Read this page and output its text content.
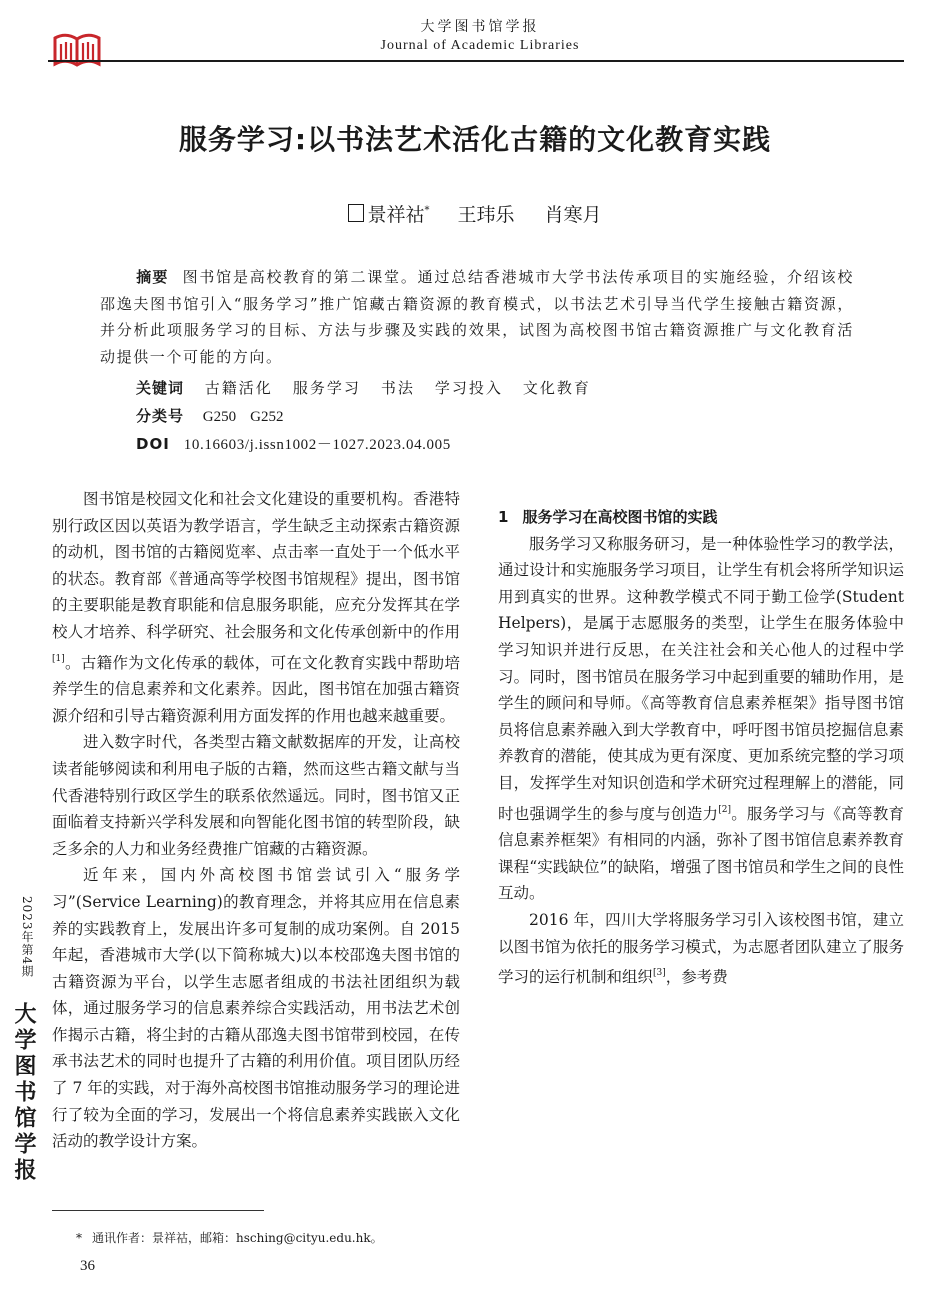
大学图书馆学报
Journal of Academic Libraries
服务学习:以书法艺术活化古籍的文化教育实践
景祥祜* 王玮乐 肖寒月
摘要 图书馆是高校教育的第二课堂。通过总结香港城市大学书法传承项目的实施经验，介绍该校邵逸夫图书馆引入“服务学习”推广馆藏古籍资源的教育模式，以书法艺术引导当代学生接触古籍资源，并分析此项服务学习的目标、方法与步骤及实践的效果，试图为高校图书馆古籍资源推广与文化教育活动提供一个可能的方向。
关键词 古籍活化 服务学习 书法 学习投入 文化教育
分类号 G250 G252
DOI 10.16603/j.issn1002－1027.2023.04.005

图书馆是校园文化和社会文化建设的重要机构。香港特别行政区因以英语为教学语言，学生缺乏主动探索古籍资源的动机，图书馆的古籍阅览率、点击率一直处于一个低水平的状态。教育部《普通高等学校图书馆规程》提出，图书馆的主要职能是教育职能和信息服务职能，应充分发挥其在学校人才培养、科学研究、社会服务和文化传承创新中的作用[1]。古籍作为文化传承的载体，可在文化教育实践中帮助培养学生的信息素养和文化素养。因此，图书馆在加强古籍资源介绍和引导古籍资源利用方面发挥的作用也越来越重要。

进入数字时代，各类型古籍文献数据库的开发，让高校读者能够阅读和利用电子版的古籍，然而这些古籍文献与当代香港特别行政区学生的联系依然遥远。同时，图书馆又正面临着支持新兴学科发展和向智能化图书馆的转型阶段，缺乏多余的人力和业务经费推广馆藏的古籍资源。

近年来，国内外高校图书馆尝试引入“服务学习”(Service Learning)的教育理念，并将其应用在信息素养的实践教育上，发展出许多可复制的成功案例。自 2015 年起，香港城市大学(以下简称城大)以本校邵逸夫图书馆的古籍资源为平台，以学生志愿者组成的书法社团组织为载体，通过服务学习的信息素养综合实践活动，用书法艺术创作揭示古籍，将尘封的古籍从邵逸夫图书馆带到校园，在传承书法艺术的同时也提升了古籍的利用价值。项目团队历经了 7 年的实践，对于海外高校图书馆推动服务学习的理论进行了较为全面的学习，发展出一个将信息素养实践嵌入文化活动的教学设计方案。

1 服务学习在高校图书馆的实践

服务学习又称服务研习，是一种体验性学习的教学法，通过设计和实施服务学习项目，让学生有机会将所学知识运用到真实的世界。这种教学模式不同于勤工俭学(Student Helpers)，是属于志愿服务的类型，让学生在服务体验中学习知识并进行反思，在关注社会和关心他人的过程中学习。同时，图书馆员在服务学习中起到重要的辅助作用，是学生的顾问和导师。《高等教育信息素养框架》指导图书馆员将信息素养融入到大学教育中，呼吁图书馆员挖掘信息素养教育的潜能，使其成为更有深度、更加系统完整的学习项目，发挥学生对知识创造和学术研究过程理解上的潜能，同时也强调学生的参与度与创造力[2]。服务学习与《高等教育信息素养框架》有相同的内涵，弥补了图书馆信息素养教育课程“实践缺位”的缺陷，增强了图书馆员和学生之间的良性互动。

2016 年，四川大学将服务学习引入该校图书馆，建立以图书馆为依托的服务学习模式，为志愿者团队建立了服务学习的运行机制和组织[3]，参考费

2023年第4期
大学图书馆学报
* 通讯作者：景祥祜，邮箱：hsching@cityu.edu.hk。
36
